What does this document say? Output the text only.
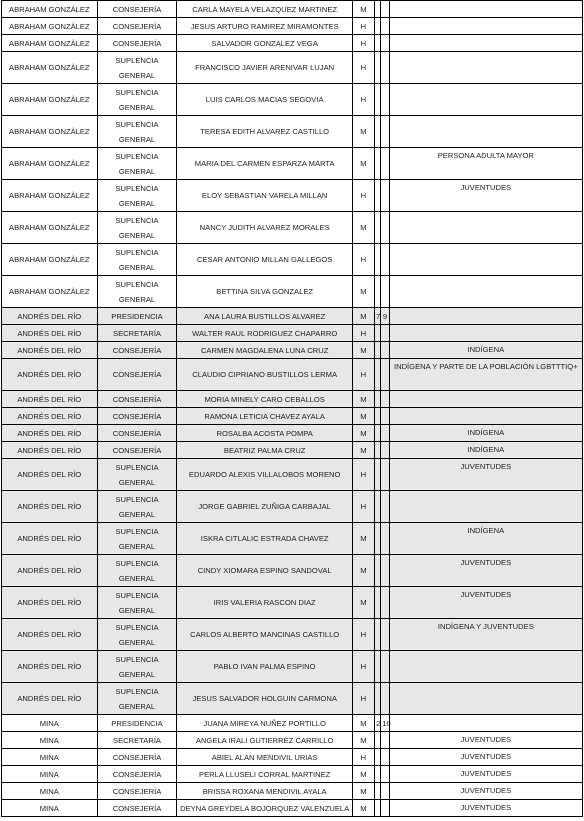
ABRAHAM GONZÁLEZ	CONSEJERÍA	CARLA MAYELA VELAZQUEZ MARTINEZ	M			
ABRAHAM GONZÁLEZ	CONSEJERÍA	JESUS ARTURO RAMIREZ MIRAMONTES	H			
ABRAHAM GONZÁLEZ	CONSEJERÍA	SALVADOR GONZALEZ VEGA	H			
ABRAHAM GONZÁLEZ	SUPLENCIA GENERAL	FRANCISCO JAVIER ARENIVAR LUJAN	H			
ABRAHAM GONZÁLEZ	SUPLENCIA GENERAL	LUIS CARLOS MACIAS SEGOVIA	H			
ABRAHAM GONZÁLEZ	SUPLENCIA GENERAL	TERESA EDITH ALVAREZ CASTILLO	M			
ABRAHAM GONZÁLEZ	SUPLENCIA GENERAL	MARIA DEL CARMEN ESPARZA MARTA	M			PERSONA ADULTA MAYOR
ABRAHAM GONZÁLEZ	SUPLENCIA GENERAL	ELOY SEBASTIAN VARELA MILLAN	H			JUVENTUDES
ABRAHAM GONZÁLEZ	SUPLENCIA GENERAL	NANCY JUDITH ALVAREZ MORALES	M			
ABRAHAM GONZÁLEZ	SUPLENCIA GENERAL	CESAR ANTONIO MILLAN GALLEGOS	H			
ABRAHAM GONZÁLEZ	SUPLENCIA GENERAL	BETTINA SILVA GONZALEZ	M			
ANDRÉS DEL RÍO	PRESIDENCIA	ANA LAURA BUSTILLOS ALVAREZ	M	7	9	
ANDRÉS DEL RÍO	SECRETARÍA	WALTER RAUL RODRIGUEZ CHAPARRO	H			
ANDRÉS DEL RÍO	CONSEJERÍA	CARMEN MAGDALENA LUNA CRUZ	M			INDÍGENA
ANDRÉS DEL RÍO	CONSEJERÍA	CLAUDIO CIPRIANO BUSTILLOS LERMA	H			INDÍGENA Y PARTE DE LA POBLACIÓN LGBTTTIQ+
ANDRÉS DEL RÍO	CONSEJERÍA	MORIA MINELY CARO CEBALLOS	M			
ANDRÉS DEL RÍO	CONSEJERÍA	RAMONA LETICIA CHAVEZ AYALA	M			
ANDRÉS DEL RÍO	CONSEJERÍA	ROSALBA ACOSTA POMPA	M			INDÍGENA
ANDRÉS DEL RÍO	CONSEJERÍA	BEATRIZ PALMA CRUZ	M			INDÍGENA
ANDRÉS DEL RÍO	SUPLENCIA GENERAL	EDUARDO ALEXIS VILLALOBOS MORENO	H			JUVENTUDES
ANDRÉS DEL RÍO	SUPLENCIA GENERAL	JORGE GABRIEL ZUÑIGA CARBAJAL	H			
ANDRÉS DEL RÍO	SUPLENCIA GENERAL	ISKRA CITLALIC ESTRADA CHAVEZ	M			INDÍGENA
ANDRÉS DEL RÍO	SUPLENCIA GENERAL	CINDY XIOMARA ESPINO SANDOVAL	M			JUVENTUDES
ANDRÉS DEL RÍO	SUPLENCIA GENERAL	IRIS VALERIA RASCON DIAZ	M			JUVENTUDES
ANDRÉS DEL RÍO	SUPLENCIA GENERAL	CARLOS ALBERTO MANCINAS CASTILLO	H			INDÍGENA Y JUVENTUDES
ANDRÉS DEL RÍO	SUPLENCIA GENERAL	PABLO IVAN PALMA ESPINO	H			
ANDRÉS DEL RÍO	SUPLENCIA GENERAL	JESUS SALVADOR HOLGUIN CARMONA	H			
MINA	PRESIDENCIA	JUANA MIREYA NUÑEZ PORTILLO	M	2	10	
MINA	SECRETARÍA	ANGELA IRALI GUTIERREZ CARRILLO	M			JUVENTUDES
MINA	CONSEJERÍA	ABIEL ALAN MENDIVIL URIAS	H			JUVENTUDES
MINA	CONSEJERÍA	PERLA LLUSELI CORRAL MARTINEZ	M			JUVENTUDES
MINA	CONSEJERÍA	BRISSA ROXANA MENDIVIL AYALA	M			JUVENTUDES
MINA	CONSEJERÍA	DEYNA GREYDELA BOJORQUEZ VALENZUELA	M			JUVENTUDES
